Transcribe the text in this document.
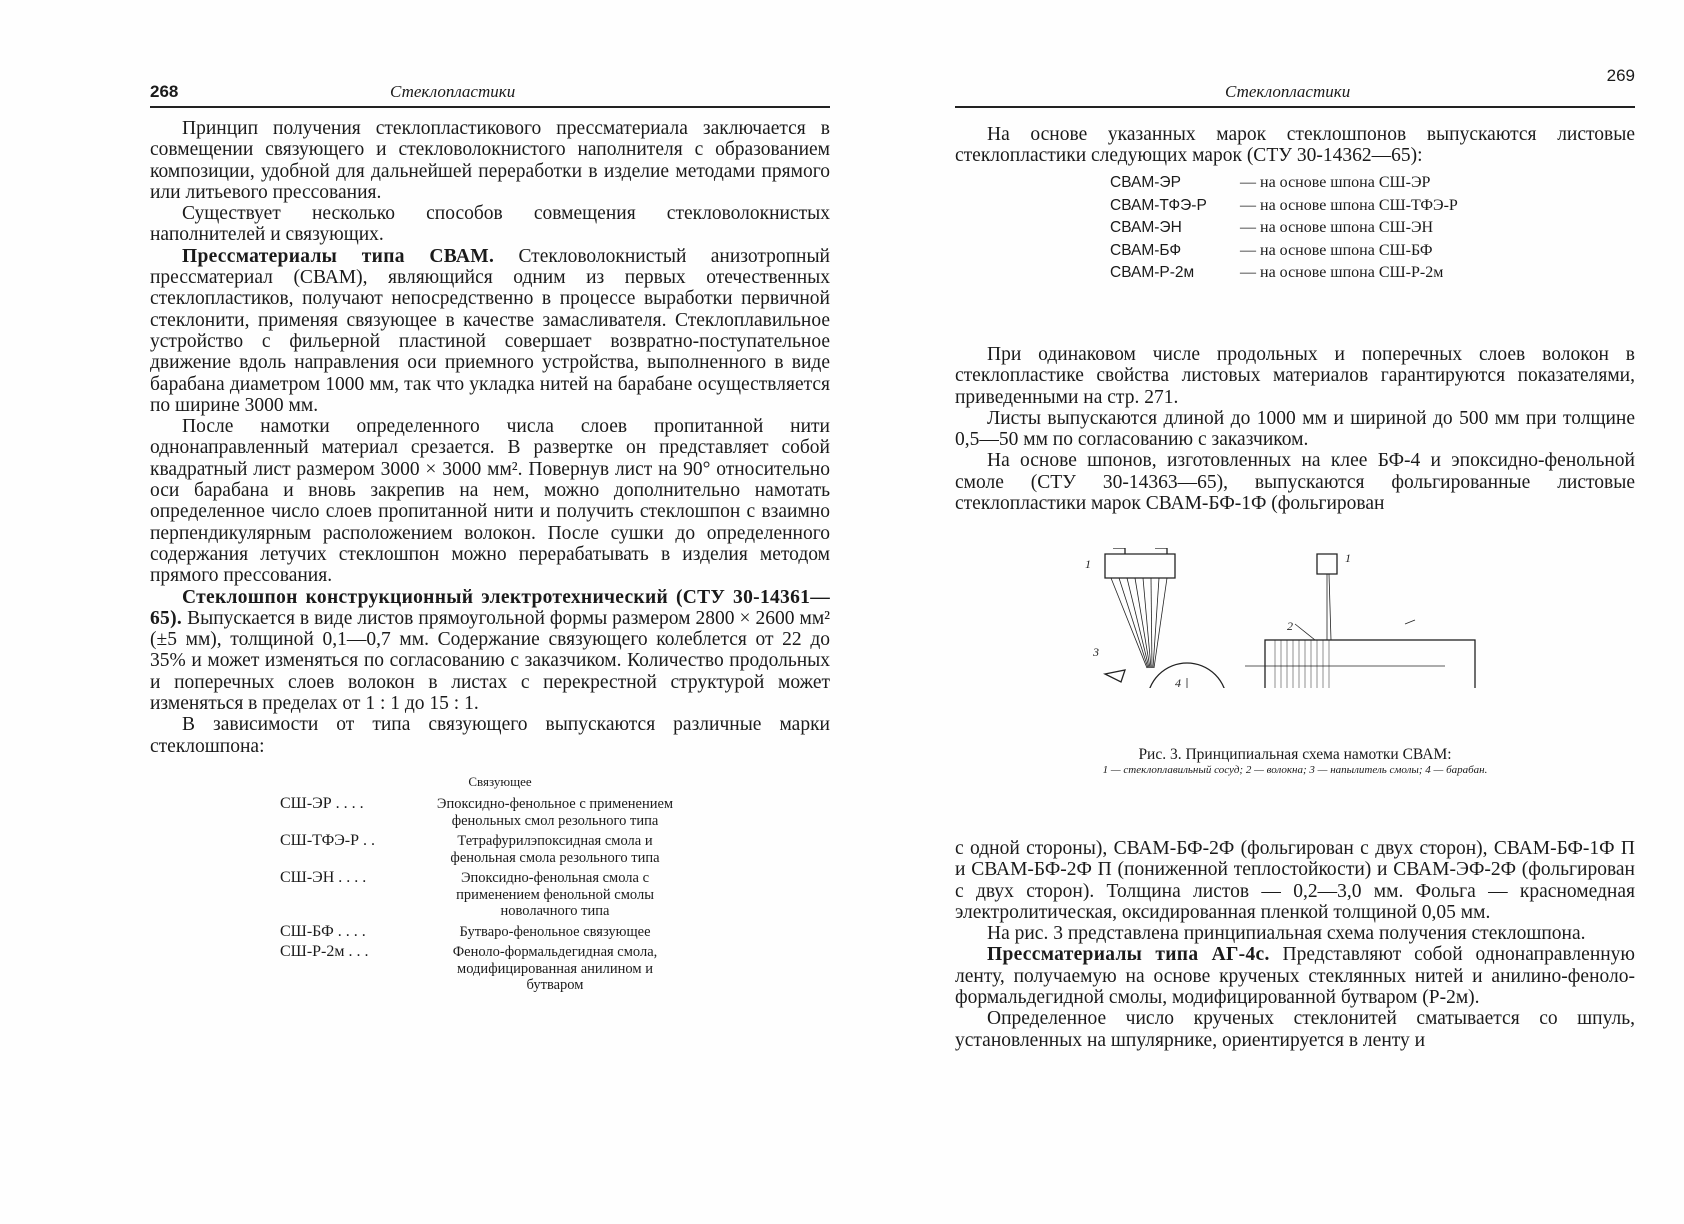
268	Стеклопластики

Принцип получения стеклопластикового прессматериала заключается в совмещении связующего и стекловолокнистого наполнителя с образованием композиции, удобной для дальнейшей переработки в изделие методами прямого или литьевого прессования.

Существует несколько способов совмещения стекловолокнистых наполнителей и связующих.

Прессматериалы типа СВАМ. Стекловолокнистый анизотропный прессматериал (СВАМ), являющийся одним из первых отечественных стеклопластиков, получают непосредственно в процессе выработки первичной стеклонити, применяя связующее в качестве замасливателя. Стеклоплавильное устройство с фильерной пластиной совершает возвратно-поступательное движение вдоль направления оси приемного устройства, выполненного в виде барабана диаметром 1000 мм, так что укладка нитей на барабане осуществляется по ширине 3000 мм.

После намотки определенного числа слоев пропитанной нити однонаправленный материал срезается. В развертке он представляет собой квадратный лист размером 3000 × 3000 мм². Повернув лист на 90° относительно оси барабана и вновь закрепив на нем, можно дополнительно намотать определенное число слоев пропитанной нити и получить стеклошпон с взаимно перпендикулярным расположением волокон. После сушки до определенного содержания летучих стеклошпон можно перерабатывать в изделия методом прямого прессования.

Стеклошпон конструкционный электротехнический (СТУ 30-14361—65). Выпускается в виде листов прямоугольной формы размером 2800 × 2600 мм² (±5 мм), толщиной 0,1—0,7 мм. Содержание связующего колеблется от 22 до 35% и может изменяться по согласованию с заказчиком. Количество продольных и поперечных слоев волокон в листах с перекрестной структурой может изменяться в пределах от 1 : 1 до 15 : 1.

В зависимости от типа связующего выпускаются различные марки стеклошпона:

Связующее
СШ-ЭР . . . .	Эпоксидно-фенольное с применением фенольных смол резольного типа
СШ-ТФЭ-Р . .	Тетрафурилэпоксидная смола и фенольная смола резольного типа
СШ-ЭН . . . .	Эпоксидно-фенольная смола с применением фенольной смолы новолачного типа
СШ-БФ . . . .	Бутваро-фенольное связующее
СШ-Р-2м . . .	Феноло-формальдегидная смола, модифицированная анилином и бутваром
Стеклопластики
269

На основе указанных марок стеклошпонов выпускаются листовые стеклопластики следующих марок (СТУ 30-14362—65):

СВАМ-ЭР	— на основе шпона СШ-ЭР
СВАМ-ТФЭ-Р	— на основе шпона СШ-ТФЭ-Р
СВАМ-ЭН	— на основе шпона СШ-ЭН
СВАМ-БФ	— на основе шпона СШ-БФ
СВАМ-Р-2м	— на основе шпона СШ-Р-2м

При одинаковом числе продольных и поперечных слоев волокон в стеклопластике свойства листовых материалов гарантируются показателями, приведенными на стр. 271.

Листы выпускаются длиной до 1000 мм и шириной до 500 мм при толщине 0,5—50 мм по согласованию с заказчиком.

На основе шпонов, изготовленных на клее БФ-4 и эпоксидно-фенольной смоле (СТУ 30-14363—65), выпускаются фольгированные листовые стеклопластики марок СВАМ-БФ-1Ф (фольгирован

1	1
2
3
4
Рис. 3. Принципиальная схема намотки СВАМ:
1 — стеклоплавильный сосуд; 2 — волокна; 3 — напылитель смолы; 4 — барабан.

с одной стороны), СВАМ-БФ-2Ф (фольгирован с двух сторон), СВАМ-БФ-1Ф П и СВАМ-БФ-2Ф П (пониженной теплостойкости) и СВАМ-ЭФ-2Ф (фольгирован с двух сторон). Толщина листов — 0,2—3,0 мм. Фольга — красномедная электролитическая, оксидированная пленкой толщиной 0,05 мм.

На рис. 3 представлена принципиальная схема получения стеклошпона.

Прессматериалы типа АГ-4с. Представляют собой однонаправленную ленту, получаемую на основе крученых стеклянных нитей и анилино-феноло-формальдегидной смолы, модифицированной бутваром (Р-2м).

Определенное число крученых стеклонитей сматывается со шпуль, установленных на шпулярнике, ориентируется в ленту и
